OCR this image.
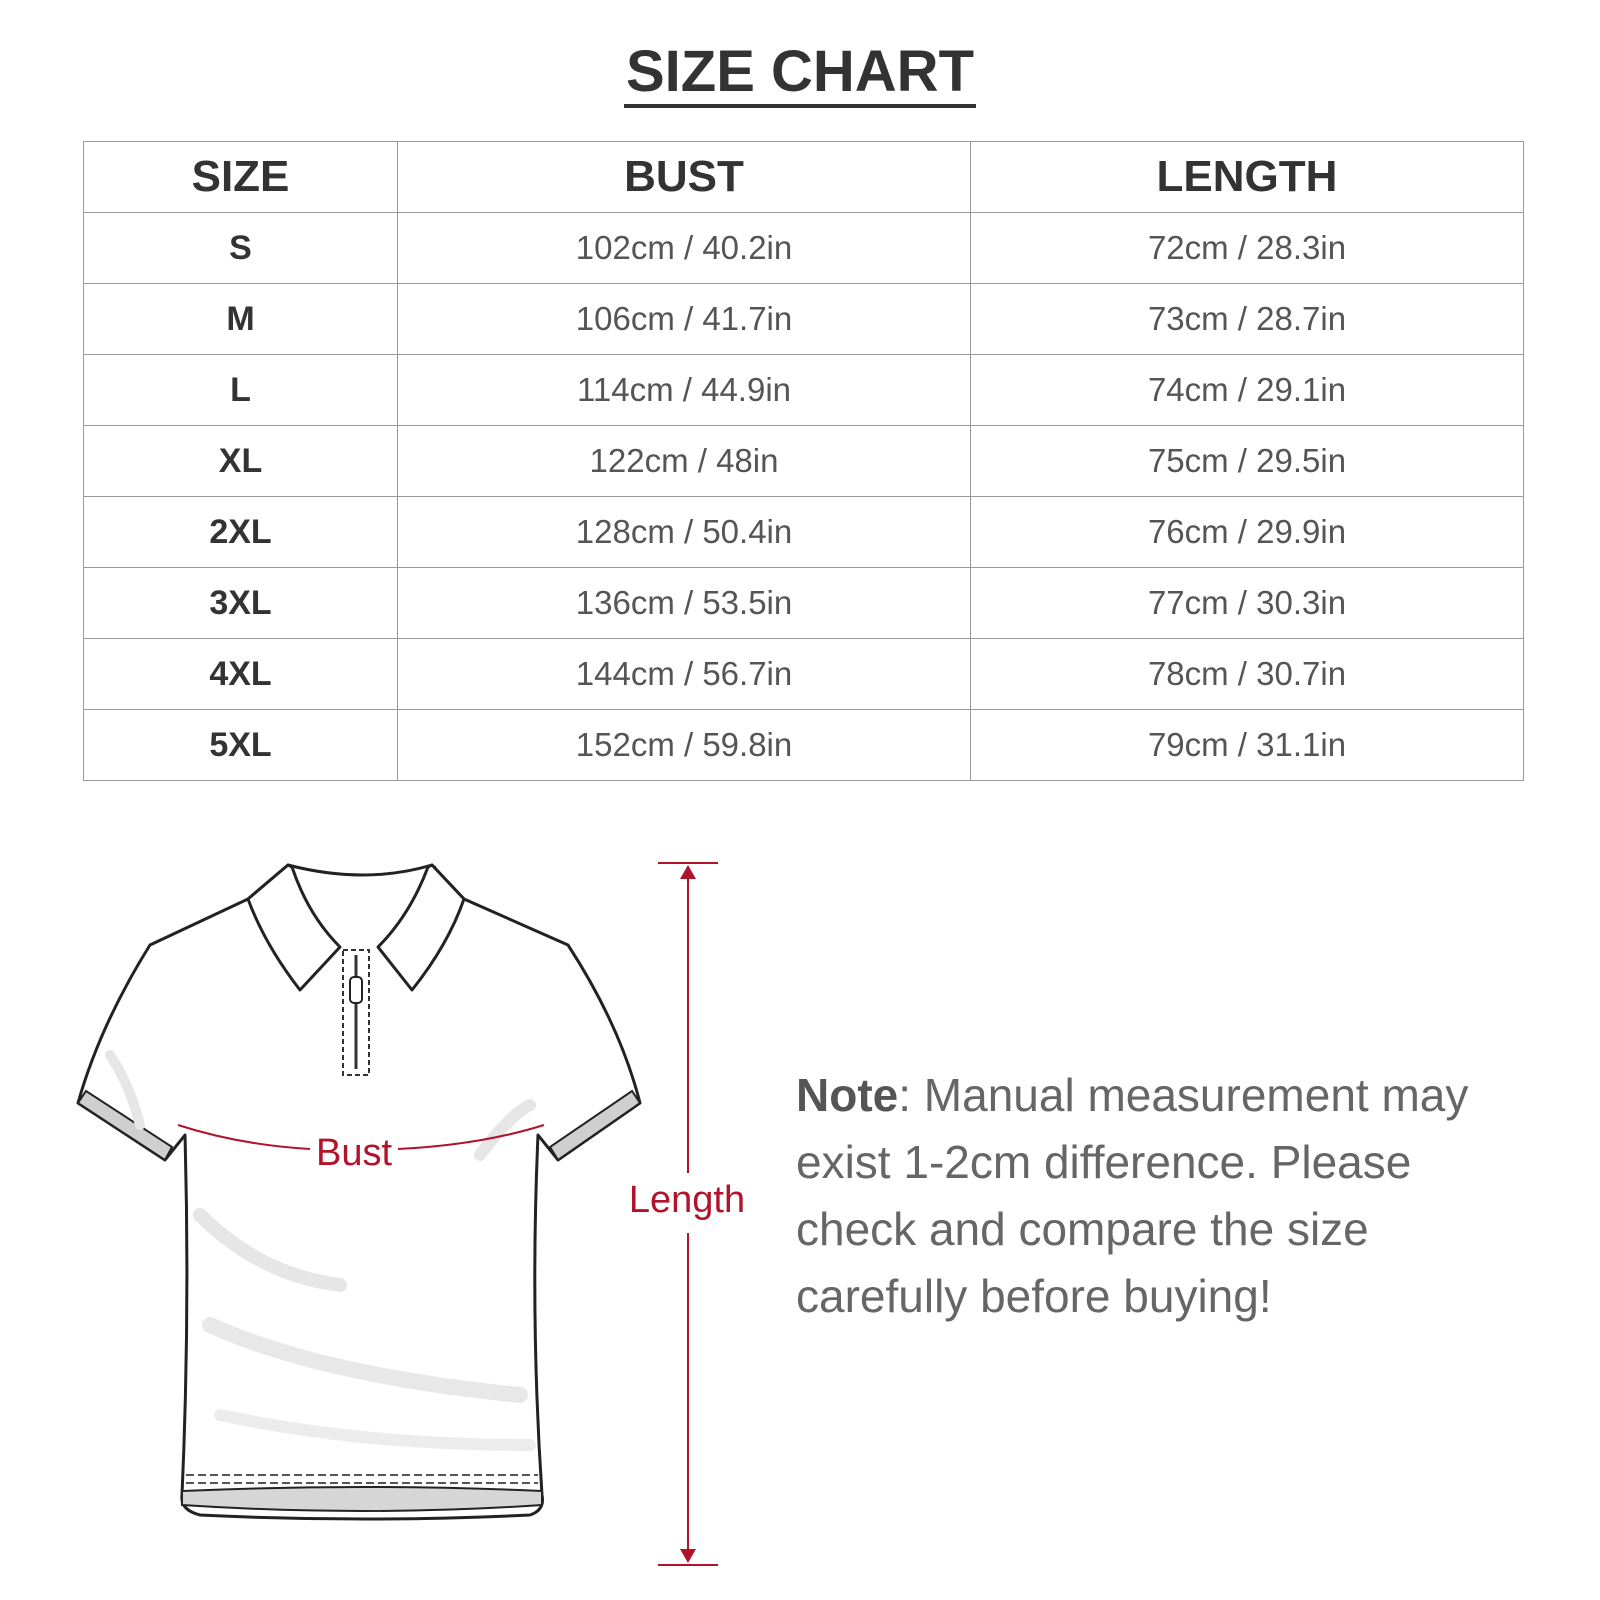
SIZE CHART
SIZE	BUST	LENGTH
S	102cm / 40.2in	72cm / 28.3in
M	106cm / 41.7in	73cm / 28.7in
L	114cm / 44.9in	74cm / 29.1in
XL	122cm / 48in	75cm / 29.5in
2XL	128cm / 50.4in	76cm / 29.9in
3XL	136cm / 53.5in	77cm / 30.3in
4XL	144cm / 56.7in	78cm / 30.7in
5XL	152cm / 59.8in	79cm / 31.1in
Bust
Length
Note: Manual measurement may exist 1-2cm difference. Please check and compare the size carefully before buying!
